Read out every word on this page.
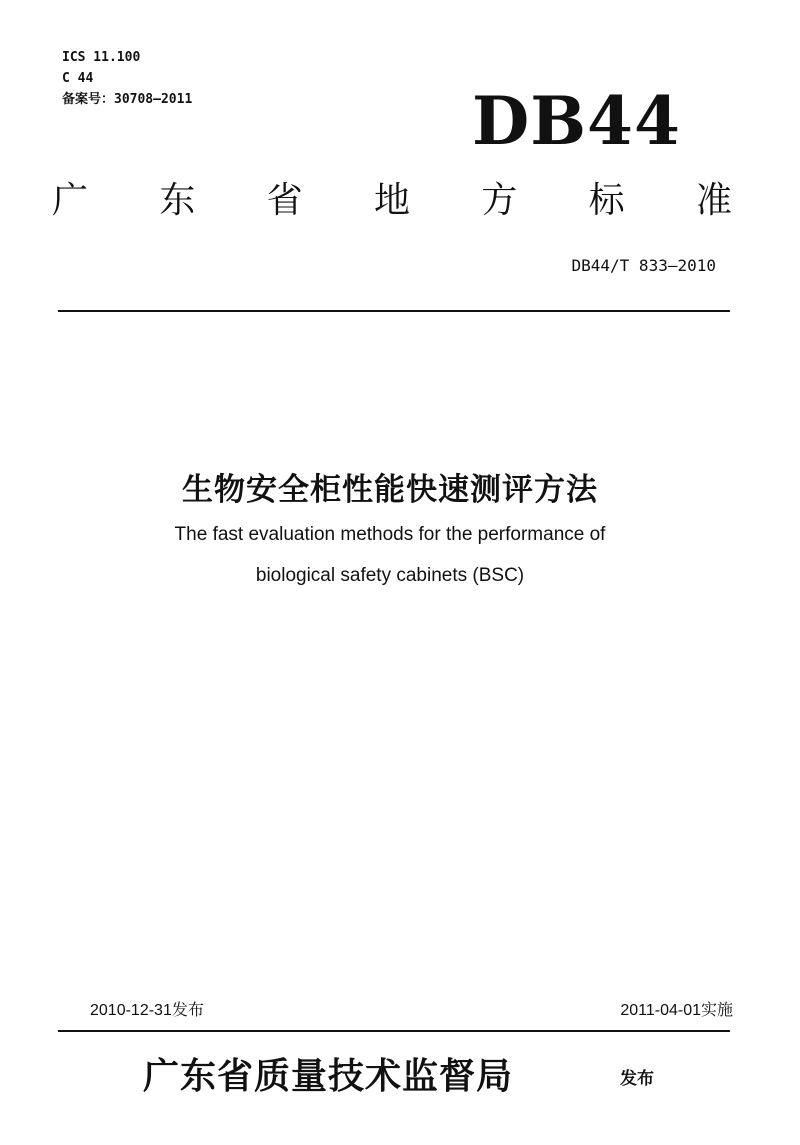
ICS 11.100
C 44
备案号：30708—2011	DB44
广 东 省 地 方 标 准
DB44/T 833—2010
生物安全柜性能快速测评方法
The fast evaluation methods for the performance of
biological safety cabinets (BSC)
2010-12-31发布	2011-04-01实施
广东省质量技术监督局	发布
